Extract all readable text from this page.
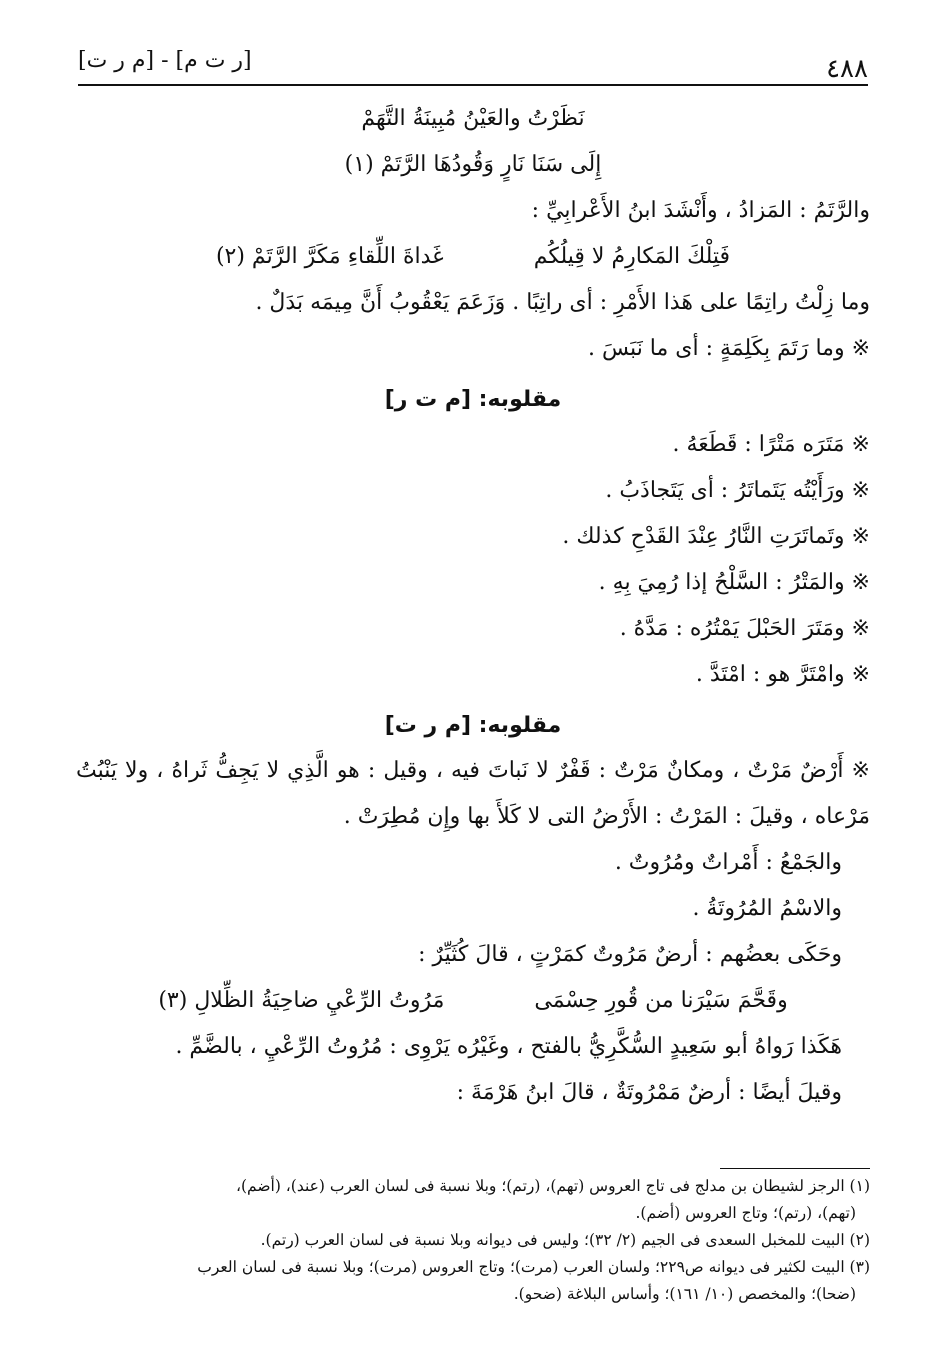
٤٨٨
[ر ت م] - [م ر ت]
نَظَرْتُ والعَيْنُ مُبِينَةُ التَّهَمْ
إِلَى سَنَا نَارٍ وَقُودُهَا الرَّتَمْ (١)
والرَّتَمُ : المَزادُ ، وأَنْشَدَ ابنُ الأَعْرابِيِّ :
فَتِلْكَ المَكارِمُ لا قِيلُكُم
غَداةَ اللِّقاءِ مَكَرَّ الرَّتَمْ (٢)
وما زِلْتُ راتِمًا على هَذا الأَمْرِ : أى راتِبًا . وَزَعَمَ يَعْقُوبُ أَنَّ مِيمَه بَدَلٌ .
※ وما رَتَمَ بِكَلِمَةٍ : أى ما نَبَسَ .
مقلوبه: [م ت ر]
※ مَتَرَه مَتْرًا : قَطَعَهُ .
※ ورَأَيْتُه يَتَماتَرُ : أى يَتَجاذَبُ .
※ وتَماتَرَتِ النَّارُ عِنْدَ القَدْحِ كذلك .
※ والمَتْرُ : السَّلْحُ إذا رُمِيَ بِهِ .
※ ومَتَرَ الحَبْلَ يَمْتُرُه : مَدَّهُ .
※ وامْتَرَّ هو : امْتَدَّ .
مقلوبه: [م ر ت]
※ أَرْضٌ مَرْتٌ ، ومكانٌ مَرْتٌ : قَفْرٌ لا نَباتَ فيه ، وقيل : هو الَّذِي لا يَجِفُّ ثَراهُ ، ولا يَنْبُتُ مَرْعاه ، وقيلَ : المَرْتُ : الأَرْضُ التى لا كَلأَ بها وإِن مُطِرَتْ .
والجَمْعُ : أَمْراتٌ ومُرُوتٌ .
والاسْمُ المُرُوتَةُ .
وحَكَى بعضُهم : أرضٌ مَرُوتٌ كمَرْتٍ ، قالَ كُثَيِّرٌ :
وقَحَّمَ سَيْرَنا من قُورِ حِسْمَى
مَرُوتُ الرِّعْيِ ضاحِيَةُ الظِّلالِ (٣)
هَكَذا رَواهُ أبو سَعِيدٍ السُّكَّرِيُّ بالفتح ، وغَيْرُه يَرْوِى : مُرُوتُ الرِّعْيِ ، بالضَّمِّ .
وقيلَ أيضًا : أرضٌ مَمْرُوتَةٌ ، قالَ ابنُ هَرْمَةَ :
(١) الرجز لشيطان بن مدلج فى تاج العروس (تهم)، (رتم)؛ وبلا نسبة فى لسان العرب (عند)، (أضم)،
(تهم)، (رتم)؛ وتاج العروس (أضم).
(٢) البيت للمخبل السعدى فى الجيم (٢/ ٣٢)؛ وليس فى ديوانه وبلا نسبة فى لسان العرب (رتم).
(٣) البيت لكثير فى ديوانه ص٢٢٩؛ ولسان العرب (مرت)؛ وتاج العروس (مرت)؛ وبلا نسبة فى لسان العرب
(ضحا)؛ والمخصص (١٠/ ١٦١)؛ وأساس البلاغة (ضحو).
